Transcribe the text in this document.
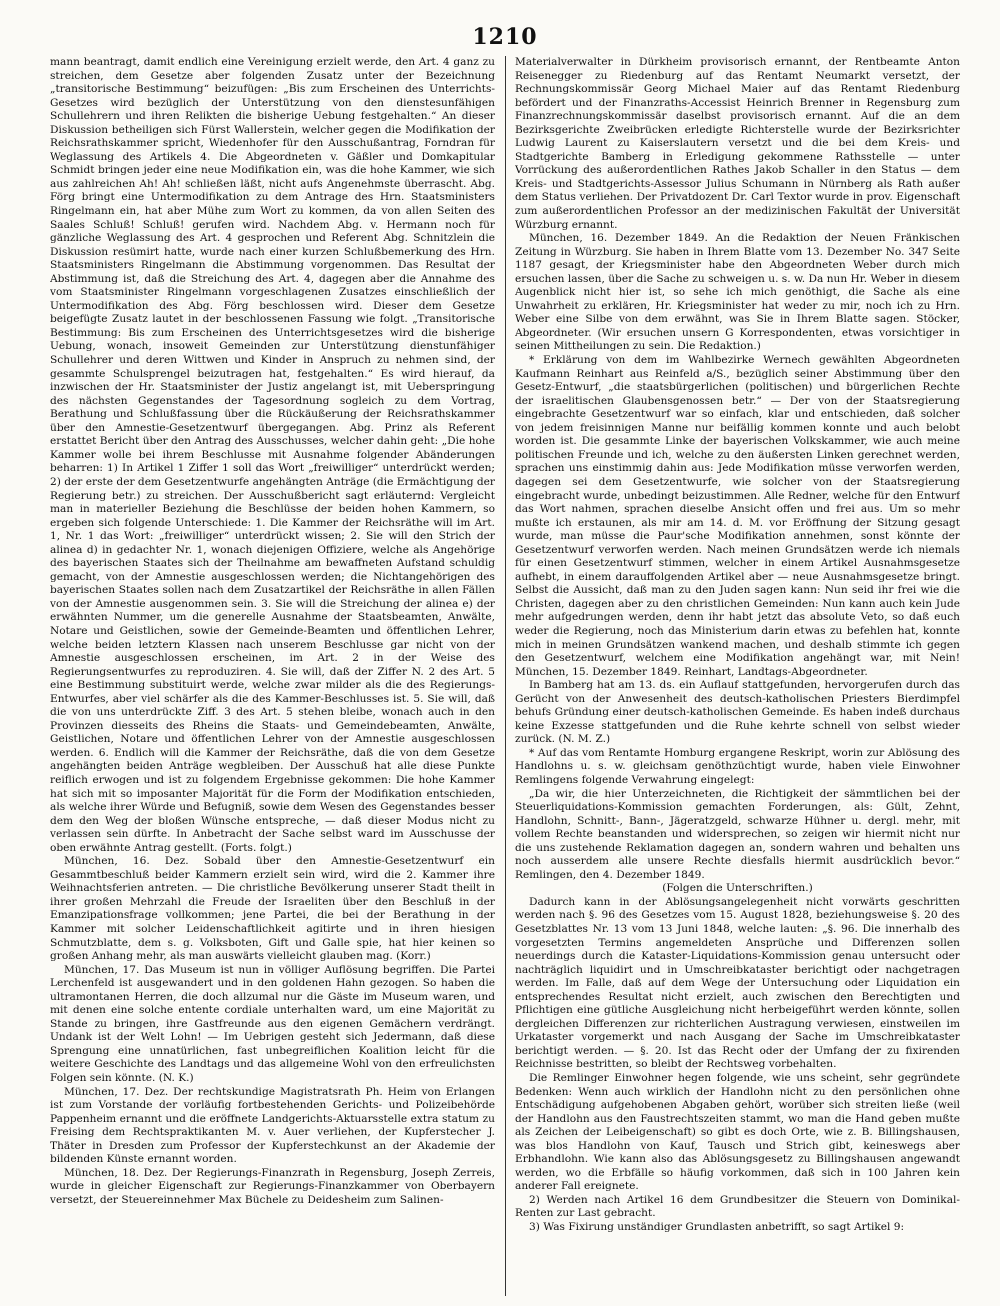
1210

mann beantragt, damit endlich eine Vereinigung erzielt werde, den Art. 4 ganz zu streichen, dem Gesetze aber folgenden Zusatz unter der Bezeichnung „transitorische Bestimmung“ beizufügen: „Bis zum Erscheinen des Unterrichts-Gesetzes wird bezüglich der Unterstützung von den dienstesunfähigen Schullehrern und ihren Relikten die bisherige Uebung festgehalten.“ An dieser Diskussion betheiligen sich Fürst Wallerstein, welcher gegen die Modifikation der Reichsrathskammer spricht, Wiedenhofer für den Ausschußantrag, Forndran für Weglassung des Artikels 4. Die Abgeordneten v. Gäßler und Domkapitular Schmidt bringen jeder eine neue Modifikation ein, was die hohe Kammer, wie sich aus zahlreichen Ah! Ah! schließen läßt, nicht aufs Angenehmste überrascht. Abg. Förg bringt eine Untermodifikation zu dem Antrage des Hrn. Staatsministers Ringelmann ein, hat aber Mühe zum Wort zu kommen, da von allen Seiten des Saales Schluß! Schluß! gerufen wird. Nachdem Abg. v. Hermann noch für gänzliche Weglassung des Art. 4 gesprochen und Referent Abg. Schnitzlein die Diskussion resümirt hatte, wurde nach einer kurzen Schlußbemerkung des Hrn. Staatsministers Ringelmann die Abstimmung vorgenommen. Das Resultat der Abstimmung ist, daß die Streichung des Art. 4, dagegen aber die Annahme des vom Staatsminister Ringelmann vorgeschlagenen Zusatzes einschließlich der Untermodifikation des Abg. Förg beschlossen wird. Dieser dem Gesetze beigefügte Zusatz lautet in der beschlossenen Fassung wie folgt. „Transitorische Bestimmung: Bis zum Erscheinen des Unterrichtsgesetzes wird die bisherige Uebung, wonach, insoweit Gemeinden zur Unterstützung dienstunfähiger Schullehrer und deren Wittwen und Kinder in Anspruch zu nehmen sind, der gesammte Schulsprengel beizutragen hat, festgehalten.“ Es wird hierauf, da inzwischen der Hr. Staatsminister der Justiz angelangt ist, mit Ueberspringung des nächsten Gegenstandes der Tagesordnung sogleich zu dem Vortrag, Berathung und Schlußfassung über die Rückäußerung der Reichsrathskammer über den Amnestie-Gesetzentwurf übergegangen. Abg. Prinz als Referent erstattet Bericht über den Antrag des Ausschusses, welcher dahin geht: „Die hohe Kammer wolle bei ihrem Beschlusse mit Ausnahme folgender Abänderungen beharren: 1) In Artikel 1 Ziffer 1 soll das Wort „freiwilliger“ unterdrückt werden; 2) der erste der dem Gesetzentwurfe angehängten Anträge (die Ermächtigung der Regierung betr.) zu streichen. Der Ausschußbericht sagt erläuternd: Vergleicht man in materieller Beziehung die Beschlüsse der beiden hohen Kammern, so ergeben sich folgende Unterschiede: 1. Die Kammer der Reichsräthe will im Art. 1, Nr. 1 das Wort: „freiwilliger“ unterdrückt wissen; 2. Sie will den Strich der alinea d) in gedachter Nr. 1, wonach diejenigen Offiziere, welche als Angehörige des bayerischen Staates sich der Theilnahme am bewaffneten Aufstand schuldig gemacht, von der Amnestie ausgeschlossen werden; die Nichtangehörigen des bayerischen Staates sollen nach dem Zusatzartikel der Reichsräthe in allen Fällen von der Amnestie ausgenommen sein. 3. Sie will die Streichung der alinea e) der erwähnten Nummer, um die generelle Ausnahme der Staatsbeamten, Anwälte, Notare und Geistlichen, sowie der Gemeinde-Beamten und öffentlichen Lehrer, welche beiden letztern Klassen nach unserem Beschlusse gar nicht von der Amnestie ausgeschlossen erscheinen, im Art. 2 in der Weise des Regierungsentwurfes zu reproduziren. 4. Sie will, daß der Ziffer N. 2 des Art. 5 eine Bestimmung substituirt werde, welche zwar milder als die des Regierungs-Entwurfes, aber viel schärfer als die des Kammer-Beschlusses ist. 5. Sie will, daß die von uns unterdrückte Ziff. 3 des Art. 5 stehen bleibe, wonach auch in den Provinzen diesseits des Rheins die Staats- und Gemeindebeamten, Anwälte, Geistlichen, Notare und öffentlichen Lehrer von der Amnestie ausgeschlossen werden. 6. Endlich will die Kammer der Reichsräthe, daß die von dem Gesetze angehängten beiden Anträge wegbleiben. Der Ausschuß hat alle diese Punkte reiflich erwogen und ist zu folgendem Ergebnisse gekommen: Die hohe Kammer hat sich mit so imposanter Majorität für die Form der Modifikation entschieden, als welche ihrer Würde und Befugniß, sowie dem Wesen des Gegenstandes besser dem den Weg der bloßen Wünsche entspreche, — daß dieser Modus nicht zu verlassen sein dürfte. In Anbetracht der Sache selbst ward im Ausschusse der oben erwähnte Antrag gestellt. (Forts. folgt.)

München, 16. Dez. Sobald über den Amnestie-Gesetzentwurf ein Gesammtbeschluß beider Kammern erzielt sein wird, wird die 2. Kammer ihre Weihnachtsferien antreten. — Die christliche Bevölkerung unserer Stadt theilt in ihrer großen Mehrzahl die Freude der Israeliten über den Beschluß in der Emanzipationsfrage vollkommen; jene Partei, die bei der Berathung in der Kammer mit solcher Leidenschaftlichkeit agitirte und in ihren hiesigen Schmutzblatte, dem s. g. Volksboten, Gift und Galle spie, hat hier keinen so großen Anhang mehr, als man auswärts vielleicht glauben mag. (Korr.)

München, 17. Das Museum ist nun in völliger Auflösung begriffen. Die Partei Lerchenfeld ist ausgewandert und in den goldenen Hahn gezogen. So haben die ultramontanen Herren, die doch allzumal nur die Gäste im Museum waren, und mit denen eine solche entente cordiale unterhalten ward, um eine Majorität zu Stande zu bringen, ihre Gastfreunde aus den eigenen Gemächern verdrängt. Undank ist der Welt Lohn! — Im Uebrigen gesteht sich Jedermann, daß diese Sprengung eine unnatürlichen, fast unbegreiflichen Koalition leicht für die weitere Geschichte des Landtags und das allgemeine Wohl von den erfreulichsten Folgen sein könnte. (N. K.)

München, 17. Dez. Der rechtskundige Magistratsrath Ph. Heim von Erlangen ist zum Vorstande der vorläufig fortbestehenden Gerichts- und Polizeibehörde Pappenheim ernannt und die eröffnete Landgerichts-Aktuarsstelle extra statum zu Freising dem Rechtspraktikanten M. v. Auer verliehen, der Kupferstecher J. Thäter in Dresden zum Professor der Kupferstechkunst an der Akademie der bildenden Künste ernannt worden.

München, 18. Dez. Der Regierungs-Finanzrath in Regensburg, Joseph Zerreis, wurde in gleicher Eigenschaft zur Regierungs-Finanzkammer von Oberbayern versetzt, der Steuereinnehmer Max Büchele zu Deidesheim zum Salinen-

Materialverwalter in Dürkheim provisorisch ernannt, der Rentbeamte Anton Reisenegger zu Riedenburg auf das Rentamt Neumarkt versetzt, der Rechnungskommissär Georg Michael Maier auf das Rentamt Riedenburg befördert und der Finanzraths-Accessist Heinrich Brenner in Regensburg zum Finanzrechnungskommissär daselbst provisorisch ernannt. Auf die an dem Bezirksgerichte Zweibrücken erledigte Richterstelle wurde der Bezirksrichter Ludwig Laurent zu Kaiserslautern versetzt und die bei dem Kreis- und Stadtgerichte Bamberg in Erledigung gekommene Rathsstelle — unter Vorrückung des außerordentlichen Rathes Jakob Schaller in den Status — dem Kreis- und Stadtgerichts-Assessor Julius Schumann in Nürnberg als Rath außer dem Status verliehen. Der Privatdozent Dr. Carl Textor wurde in prov. Eigenschaft zum außerordentlichen Professor an der medizinischen Fakultät der Universität Würzburg ernannt.

München, 16. Dezember 1849. An die Redaktion der Neuen Fränkischen Zeitung in Würzburg. Sie haben in Ihrem Blatte vom 13. Dezember No. 347 Seite 1187 gesagt, der Kriegsminister habe den Abgeordneten Weber durch mich ersuchen lassen, über die Sache zu schweigen u. s. w. Da nun Hr. Weber in diesem Augenblick nicht hier ist, so sehe ich mich genöthigt, die Sache als eine Unwahrheit zu erklären, Hr. Kriegsminister hat weder zu mir, noch ich zu Hrn. Weber eine Silbe von dem erwähnt, was Sie in Ihrem Blatte sagen. Stöcker, Abgeordneter. (Wir ersuchen unsern G Korrespondenten, etwas vorsichtiger in seinen Mittheilungen zu sein. Die Redaktion.)

* Erklärung von dem im Wahlbezirke Wernech gewählten Abgeordneten Kaufmann Reinhart aus Reinfeld a/S., bezüglich seiner Abstimmung über den Gesetz-Entwurf, „die staatsbürgerlichen (politischen) und bürgerlichen Rechte der israelitischen Glaubensgenossen betr.“ — Der von der Staatsregierung eingebrachte Gesetzentwurf war so einfach, klar und entschieden, daß solcher von jedem freisinnigen Manne nur beifällig kommen konnte und auch belobt worden ist. Die gesammte Linke der bayerischen Volkskammer, wie auch meine politischen Freunde und ich, welche zu den äußersten Linken gerechnet werden, sprachen uns einstimmig dahin aus: Jede Modifikation müsse verworfen werden, dagegen sei dem Gesetzentwurfe, wie solcher von der Staatsregierung eingebracht wurde, unbedingt beizustimmen. Alle Redner, welche für den Entwurf das Wort nahmen, sprachen dieselbe Ansicht offen und frei aus. Um so mehr mußte ich erstaunen, als mir am 14. d. M. vor Eröffnung der Sitzung gesagt wurde, man müsse die Paur'sche Modifikation annehmen, sonst könnte der Gesetzentwurf verworfen werden. Nach meinen Grundsätzen werde ich niemals für einen Gesetzentwurf stimmen, welcher in einem Artikel Ausnahmsgesetze aufhebt, in einem darauffolgenden Artikel aber — neue Ausnahmsgesetze bringt. Selbst die Aussicht, daß man zu den Juden sagen kann: Nun seid ihr frei wie die Christen, dagegen aber zu den christlichen Gemeinden: Nun kann auch kein Jude mehr aufgedrungen werden, denn ihr habt jetzt das absolute Veto, so daß euch weder die Regierung, noch das Ministerium darin etwas zu befehlen hat, konnte mich in meinen Grundsätzen wankend machen, und deshalb stimmte ich gegen den Gesetzentwurf, welchem eine Modifikation angehängt war, mit Nein! München, 15. Dezember 1849. Reinhart, Landtags-Abgeordneter.

In Bamberg hat am 13. ds. ein Auflauf stattgefunden, hervorgerufen durch das Gerücht von der Anwesenheit des deutsch-katholischen Priesters Bierdimpfel behufs Gründung einer deutsch-katholischen Gemeinde. Es haben indeß durchaus keine Exzesse stattgefunden und die Ruhe kehrte schnell von selbst wieder zurück. (N. M. Z.)

* Auf das vom Rentamte Homburg ergangene Reskript, worin zur Ablösung des Handlohns u. s. w. gleichsam genöthzüchtigt wurde, haben viele Einwohner Remlingens folgende Verwahrung eingelegt:

„Da wir, die hier Unterzeichneten, die Richtigkeit der sämmtlichen bei der Steuerliquidations-Kommission gemachten Forderungen, als: Gült, Zehnt, Handlohn, Schnitt-, Bann-, Jägeratzgeld, schwarze Hühner u. dergl. mehr, mit vollem Rechte beanstanden und widersprechen, so zeigen wir hiermit nicht nur die uns zustehende Reklamation dagegen an, sondern wahren und behalten uns noch ausserdem alle unsere Rechte diesfalls hiermit ausdrücklich bevor.“ Remlingen, den 4. Dezember 1849.

(Folgen die Unterschriften.)

Dadurch kann in der Ablösungsangelegenheit nicht vorwärts geschritten werden nach §. 96 des Gesetzes vom 15. August 1828, beziehungsweise §. 20 des Gesetzblattes Nr. 13 vom 13 Juni 1848, welche lauten: „§. 96. Die innerhalb des vorgesetzten Termins angemeldeten Ansprüche und Differenzen sollen neuerdings durch die Kataster-Liquidations-Kommission genau untersucht oder nachträglich liquidirt und in Umschreibkataster berichtigt oder nachgetragen werden. Im Falle, daß auf dem Wege der Untersuchung oder Liquidation ein entsprechendes Resultat nicht erzielt, auch zwischen den Berechtigten und Pflichtigen eine gütliche Ausgleichung nicht herbeigeführt werden könnte, sollen dergleichen Differenzen zur richterlichen Austragung verwiesen, einstweilen im Urkataster vorgemerkt und nach Ausgang der Sache im Umschreibkataster berichtigt werden. — §. 20. Ist das Recht oder der Umfang der zu fixirenden Reichnisse bestritten, so bleibt der Rechtsweg vorbehalten.

Die Remlinger Einwohner hegen folgende, wie uns scheint, sehr gegründete Bedenken: Wenn auch wirklich der Handlohn nicht zu den persönlichen ohne Entschädigung aufgehobenen Abgaben gehört, worüber sich streiten ließe (weil der Handlohn aus den Faustrechtszeiten stammt, wo man die Hand geben mußte als Zeichen der Leibeigenschaft) so gibt es doch Orte, wie z. B. Billingshausen, was blos Handlohn von Kauf, Tausch und Strich gibt, keineswegs aber Erbhandlohn. Wie kann also das Ablösungsgesetz zu Billingshausen angewandt werden, wo die Erbfälle so häufig vorkommen, daß sich in 100 Jahren kein anderer Fall ereignete.

2) Werden nach Artikel 16 dem Grundbesitzer die Steuern von Dominikal-Renten zur Last gebracht.

3) Was Fixirung unständiger Grundlasten anbetrifft, so sagt Artikel 9:
